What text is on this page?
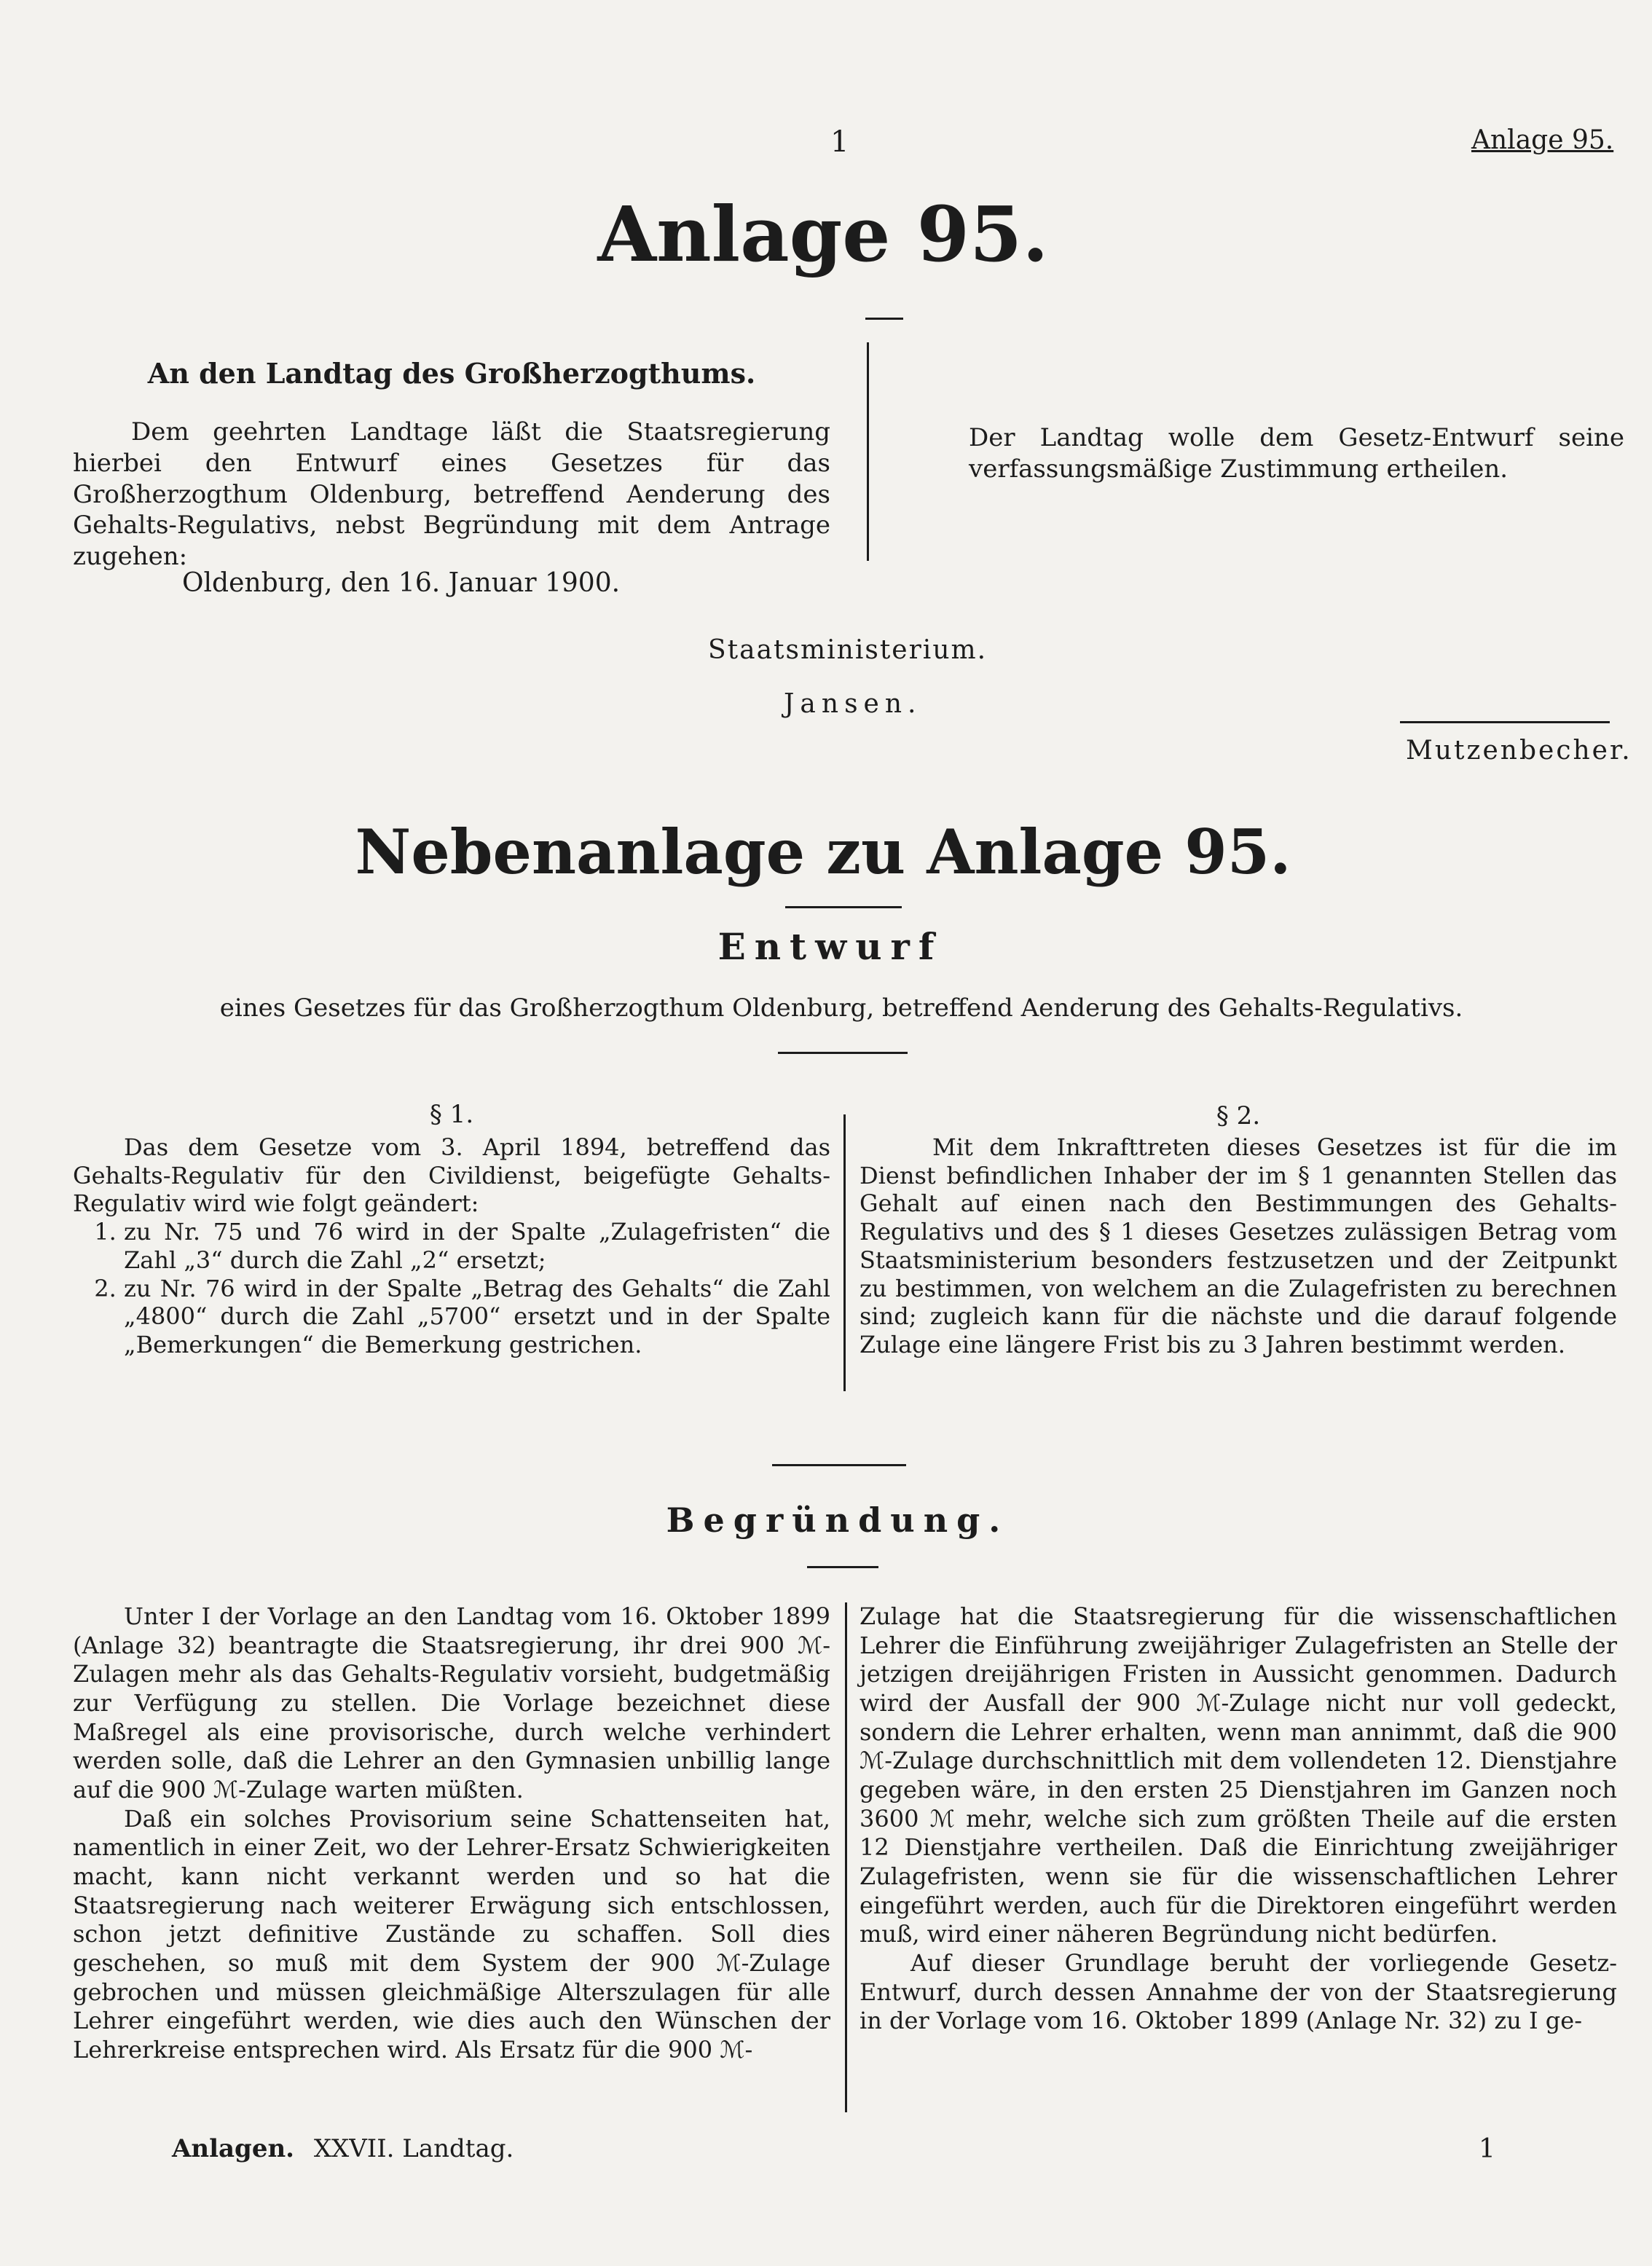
1	Anlage 95.
Anlage 95.
An den Landtag des Großherzogthums.
Dem geehrten Landtage läßt die Staatsregierung hierbei den Entwurf eines Gesetzes für das Großherzogthum Oldenburg, betreffend Aenderung des Gehalts-Regulativs, nebst Begründung mit dem Antrage zugehen:
Oldenburg, den 16. Januar 1900.
Staatsministerium.
Jansen.
Der Landtag wolle dem Gesetz-Entwurf seine verfassungsmäßige Zustimmung ertheilen.
Mutzenbecher.
Nebenanlage zu Anlage 95.
Entwurf
eines Gesetzes für das Großherzogthum Oldenburg, betreffend Aenderung des Gehalts-Regulativs.
§ 1.

Das dem Gesetze vom 3. April 1894, betreffend das Gehalts-Regulativ für den Civildienst, beigefügte Gehalts-Regulativ wird wie folgt geändert:

1. zu Nr. 75 und 76 wird in der Spalte „Zulagefristen“ die Zahl „3“ durch die Zahl „2“ ersetzt;
2. zu Nr. 76 wird in der Spalte „Betrag des Gehalts“ die Zahl „4800“ durch die Zahl „5700“ ersetzt und in der Spalte „Bemerkungen“ die Bemerkung gestrichen.
§ 2.
Mit dem Inkrafttreten dieses Gesetzes ist für die im Dienst befindlichen Inhaber der im § 1 genannten Stellen das Gehalt auf einen nach den Bestimmungen des Gehalts-Regulativs und des § 1 dieses Gesetzes zulässigen Betrag vom Staatsministerium besonders festzusetzen und der Zeitpunkt zu bestimmen, von welchem an die Zulagefristen zu berechnen sind; zugleich kann für die nächste und die darauf folgende Zulage eine längere Frist bis zu 3 Jahren bestimmt werden.
Begründung.

Unter I der Vorlage an den Landtag vom 16. Oktober 1899 (Anlage 32) beantragte die Staatsregierung, ihr drei 900 ℳ-Zulagen mehr als das Gehalts-Regulativ vorsieht, budgetmäßig zur Verfügung zu stellen. Die Vorlage bezeichnet diese Maßregel als eine provisorische, durch welche verhindert werden solle, daß die Lehrer an den Gymnasien unbillig lange auf die 900 ℳ-Zulage warten müßten.

Daß ein solches Provisorium seine Schattenseiten hat, namentlich in einer Zeit, wo der Lehrer-Ersatz Schwierigkeiten macht, kann nicht verkannt werden und so hat die Staatsregierung nach weiterer Erwägung sich entschlossen, schon jetzt definitive Zustände zu schaffen. Soll dies geschehen, so muß mit dem System der 900 ℳ-Zulage gebrochen und müssen gleichmäßige Alterszulagen für alle Lehrer eingeführt werden, wie dies auch den Wünschen der Lehrerkreise entsprechen wird. Als Ersatz für die 900 ℳ-

Zulage hat die Staatsregierung für die wissenschaftlichen Lehrer die Einführung zweijähriger Zulagefristen an Stelle der jetzigen dreijährigen Fristen in Aussicht genommen. Dadurch wird der Ausfall der 900 ℳ-Zulage nicht nur voll gedeckt, sondern die Lehrer erhalten, wenn man annimmt, daß die 900 ℳ-Zulage durchschnittlich mit dem vollendeten 12. Dienstjahre gegeben wäre, in den ersten 25 Dienstjahren im Ganzen noch 3600 ℳ mehr, welche sich zum größten Theile auf die ersten 12 Dienstjahre vertheilen. Daß die Einrichtung zweijähriger Zulagefristen, wenn sie für die wissenschaftlichen Lehrer eingeführt werden, auch für die Direktoren eingeführt werden muß, wird einer näheren Begründung nicht bedürfen.

Auf dieser Grundlage beruht der vorliegende Gesetz-Entwurf, durch dessen Annahme der von der Staatsregierung in der Vorlage vom 16. Oktober 1899 (Anlage Nr. 32) zu I ge-

Anlagen. XXVII. Landtag.	1
